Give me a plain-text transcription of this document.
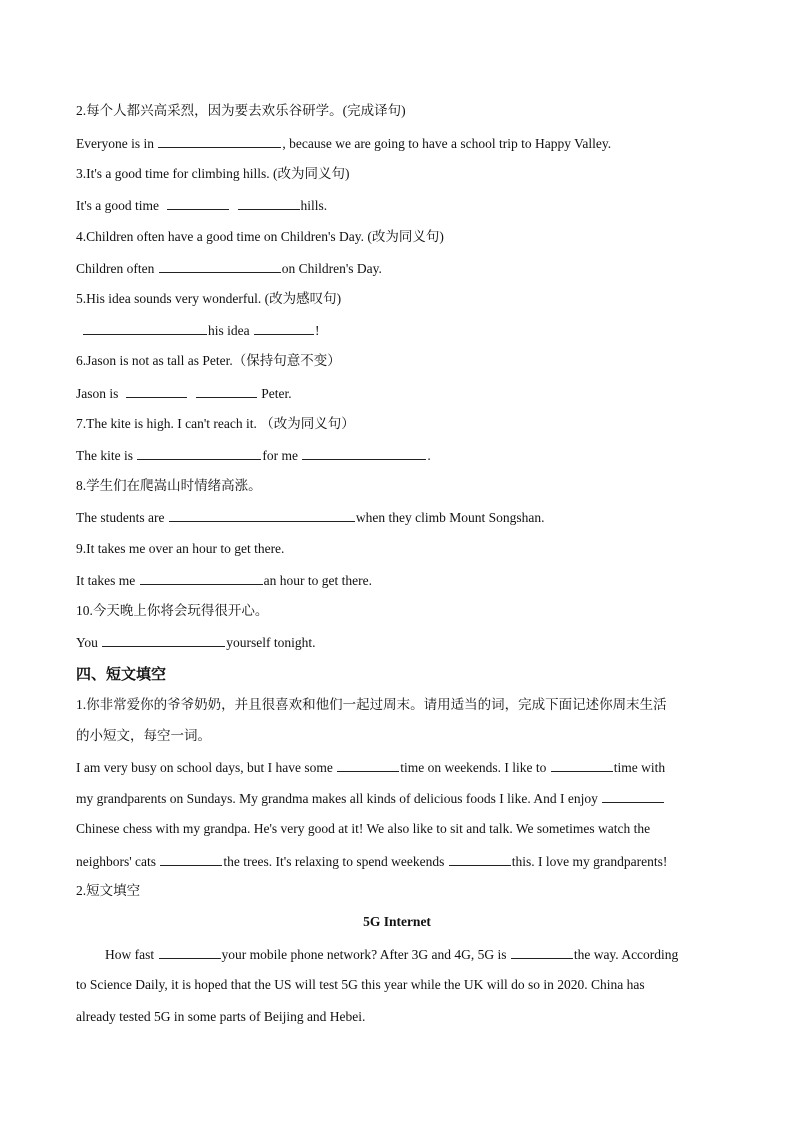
2.每个人都兴高采烈，因为要去欢乐谷研学。(完成译句)
Everyone is in	, because we are going to have a school trip to Happy Valley.
3.It's a good time for climbing hills. (改为同义句)
It's a good time	hills.
4.Children often have a good time on Children's Day. (改为同义句)
Children often	on Children's Day.
5.His idea sounds very wonderful. (改为感叹句)
his idea	!
6.Jason is not as tall as Peter.（保持句意不变）
Jason is	Peter.
7.The kite is high. I can't reach it. （改为同义句）
The kite is	for me	.
8.学生们在爬嵩山时情绪高涨。
The students are	when they climb Mount Songshan.
9.It takes me over an hour to get there.
It takes me	an hour to get there.
10.今天晚上你将会玩得很开心。
You	yourself tonight.
四、短文填空
1.你非常爱你的爷爷奶奶，并且很喜欢和他们一起过周末。请用适当的词，完成下面记述你周末生活
的小短文，每空一词。
I am very busy on school days, but I have some	time on weekends. I like to	time with
my grandparents on Sundays. My grandma makes all kinds of delicious foods I like. And I enjoy
Chinese chess with my grandpa. He's very good at it! We also like to sit and talk. We sometimes watch the
neighbors' cats	the trees. It's relaxing to spend weekends	this. I love my grandparents!
2.短文填空
5G Internet
How fast	your mobile phone network? After 3G and 4G, 5G is	the way. According
to Science Daily, it is hoped that the US will test 5G this year while the UK will do so in 2020. China has
already tested 5G in some parts of Beijing and Hebei.
